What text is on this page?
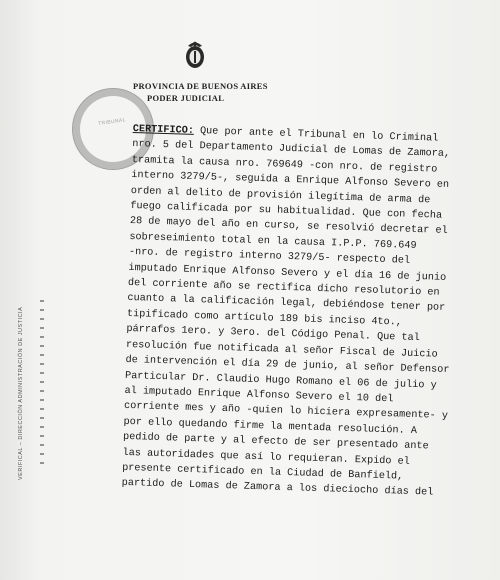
PROVINCIA DE BUENOS AIRES
PODER JUDICIAL
TRIBUNAL
VERIFICAL – DIRECCIÓN ADMINISTRACIÓN DE JUSTICIA
CERTIFICO: Que por ante el Tribunal en lo Criminal
nro. 5 del Departamento Judicial de Lomas de Zamora,
tramita la causa nro. 769649 -con nro. de registro
interno 3279/5-, seguida a Enrique Alfonso Severo en
orden al delito de provisión ilegítima de arma de
fuego calificada por su habitualidad. Que con fecha
28 de mayo del año en curso, se resolvió decretar el
sobreseimiento total en la causa I.P.P. 769.649
-nro. de registro interno 3279/5- respecto del
imputado Enrique Alfonso Severo y el día 16 de junio
del corriente año se rectifica dicho resolutorio en
cuanto a la calificación legal, debiéndose tener por
tipificado como artículo 189 bis inciso 4to.,
párrafos 1ero. y 3ero. del Código Penal. Que tal
resolución fue notificada al señor Fiscal de Juicio
de intervención el día 29 de junio, al señor Defensor
Particular Dr. Claudio Hugo Romano el 06 de julio y
al imputado Enrique Alfonso Severo el 10 del
corriente mes y año -quien lo hiciera expresamente- y
por ello quedando firme la mentada resolución. A
pedido de parte y al efecto de ser presentado ante
las autoridades que así lo requieran. Expido el
presente certificado en la Ciudad de Banfield,
partido de Lomas de Zamora a los dieciocho días del
